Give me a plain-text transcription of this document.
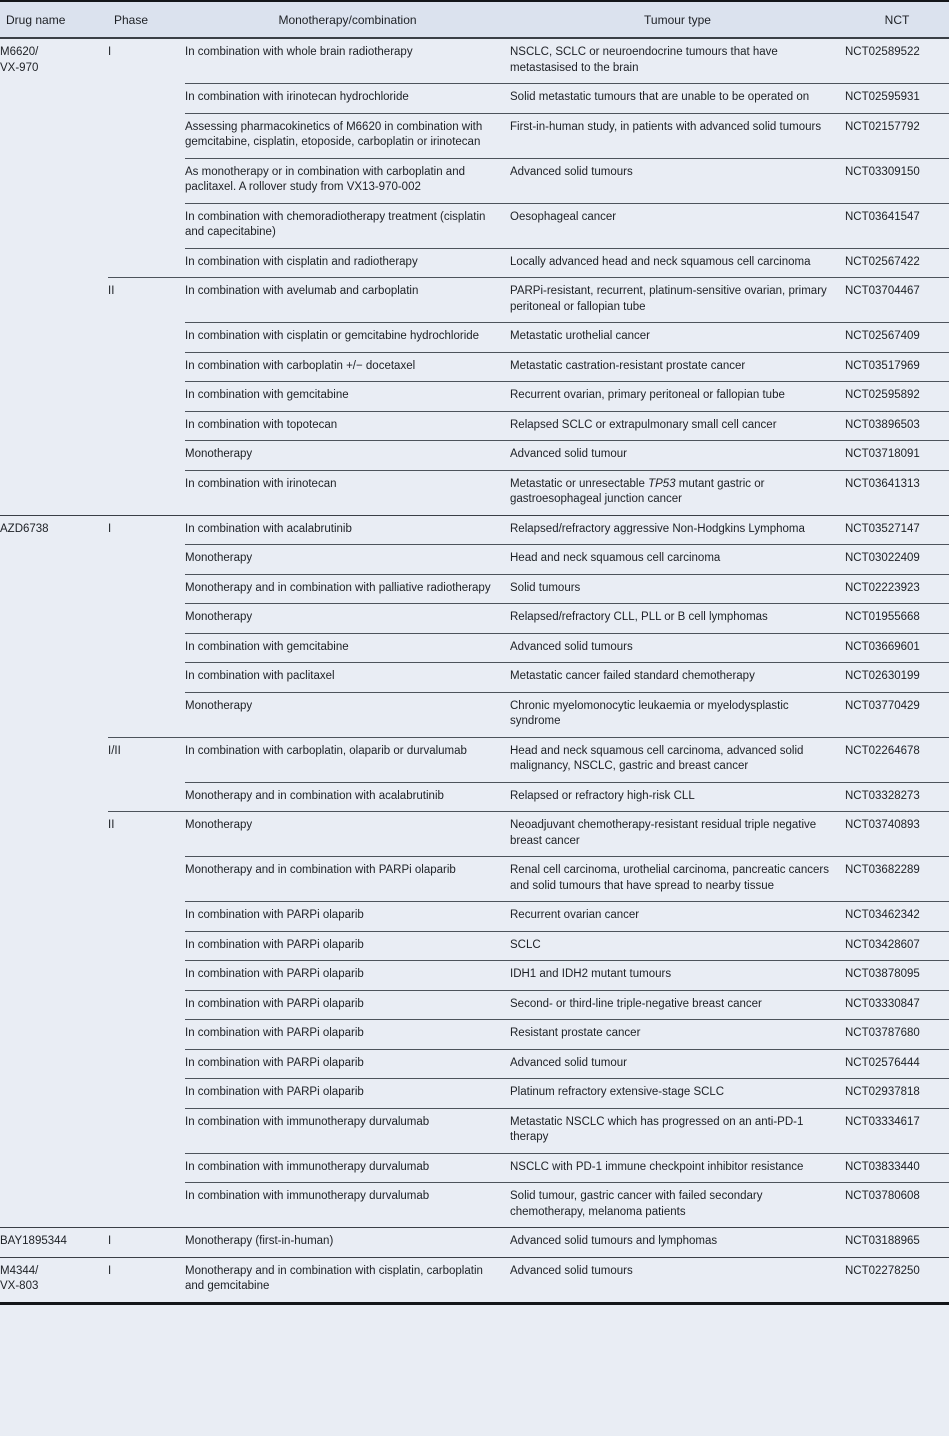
Drug name	Phase	Monotherapy/combination	Tumour type	NCT
M6620/
VX-970	I	In combination with whole brain radiotherapy	NSCLC, SCLC or neuroendocrine tumours that have metastasised to the brain	NCT02589522
		In combination with irinotecan hydrochloride	Solid metastatic tumours that are unable to be operated on	NCT02595931
		Assessing pharmacokinetics of M6620 in combination with gemcitabine, cisplatin, etoposide, carboplatin or irinotecan	First-in-human study, in patients with advanced solid tumours	NCT02157792
		As monotherapy or in combination with carboplatin and paclitaxel. A rollover study from VX13-970-002	Advanced solid tumours	NCT03309150
		In combination with chemoradiotherapy treatment (cisplatin and capecitabine)	Oesophageal cancer	NCT03641547
		In combination with cisplatin and radiotherapy	Locally advanced head and neck squamous cell carcinoma	NCT02567422
	II	In combination with avelumab and carboplatin	PARPi-resistant, recurrent, platinum-sensitive ovarian, primary peritoneal or fallopian tube	NCT03704467
		In combination with cisplatin or gemcitabine hydrochloride	Metastatic urothelial cancer	NCT02567409
		In combination with carboplatin +/− docetaxel	Metastatic castration-resistant prostate cancer	NCT03517969
		In combination with gemcitabine	Recurrent ovarian, primary peritoneal or fallopian tube	NCT02595892
		In combination with topotecan	Relapsed SCLC or extrapulmonary small cell cancer	NCT03896503
		Monotherapy	Advanced solid tumour	NCT03718091
		In combination with irinotecan	Metastatic or unresectable TP53 mutant gastric or gastroesophageal junction cancer	NCT03641313
AZD6738	I	In combination with acalabrutinib	Relapsed/refractory aggressive Non-Hodgkins Lymphoma	NCT03527147
		Monotherapy	Head and neck squamous cell carcinoma	NCT03022409
		Monotherapy and in combination with palliative radiotherapy	Solid tumours	NCT02223923
		Monotherapy	Relapsed/refractory CLL, PLL or B cell lymphomas	NCT01955668
		In combination with gemcitabine	Advanced solid tumours	NCT03669601
		In combination with paclitaxel	Metastatic cancer failed standard chemotherapy	NCT02630199
		Monotherapy	Chronic myelomonocytic leukaemia or myelodysplastic syndrome	NCT03770429
	I/II	In combination with carboplatin, olaparib or durvalumab	Head and neck squamous cell carcinoma, advanced solid malignancy, NSCLC, gastric and breast cancer	NCT02264678
		Monotherapy and in combination with acalabrutinib	Relapsed or refractory high-risk CLL	NCT03328273
	II	Monotherapy	Neoadjuvant chemotherapy-resistant residual triple negative breast cancer	NCT03740893
		Monotherapy and in combination with PARPi olaparib	Renal cell carcinoma, urothelial carcinoma, pancreatic cancers and solid tumours that have spread to nearby tissue	NCT03682289
		In combination with PARPi olaparib	Recurrent ovarian cancer	NCT03462342
		In combination with PARPi olaparib	SCLC	NCT03428607
		In combination with PARPi olaparib	IDH1 and IDH2 mutant tumours	NCT03878095
		In combination with PARPi olaparib	Second- or third-line triple-negative breast cancer	NCT03330847
		In combination with PARPi olaparib	Resistant prostate cancer	NCT03787680
		In combination with PARPi olaparib	Advanced solid tumour	NCT02576444
		In combination with PARPi olaparib	Platinum refractory extensive-stage SCLC	NCT02937818
		In combination with immunotherapy durvalumab	Metastatic NSCLC which has progressed on an anti-PD-1 therapy	NCT03334617
		In combination with immunotherapy durvalumab	NSCLC with PD-1 immune checkpoint inhibitor resistance	NCT03833440
		In combination with immunotherapy durvalumab	Solid tumour, gastric cancer with failed secondary chemotherapy, melanoma patients	NCT03780608
BAY1895344	I	Monotherapy (first-in-human)	Advanced solid tumours and lymphomas	NCT03188965
M4344/
VX-803	I	Monotherapy and in combination with cisplatin, carboplatin and gemcitabine	Advanced solid tumours	NCT02278250
